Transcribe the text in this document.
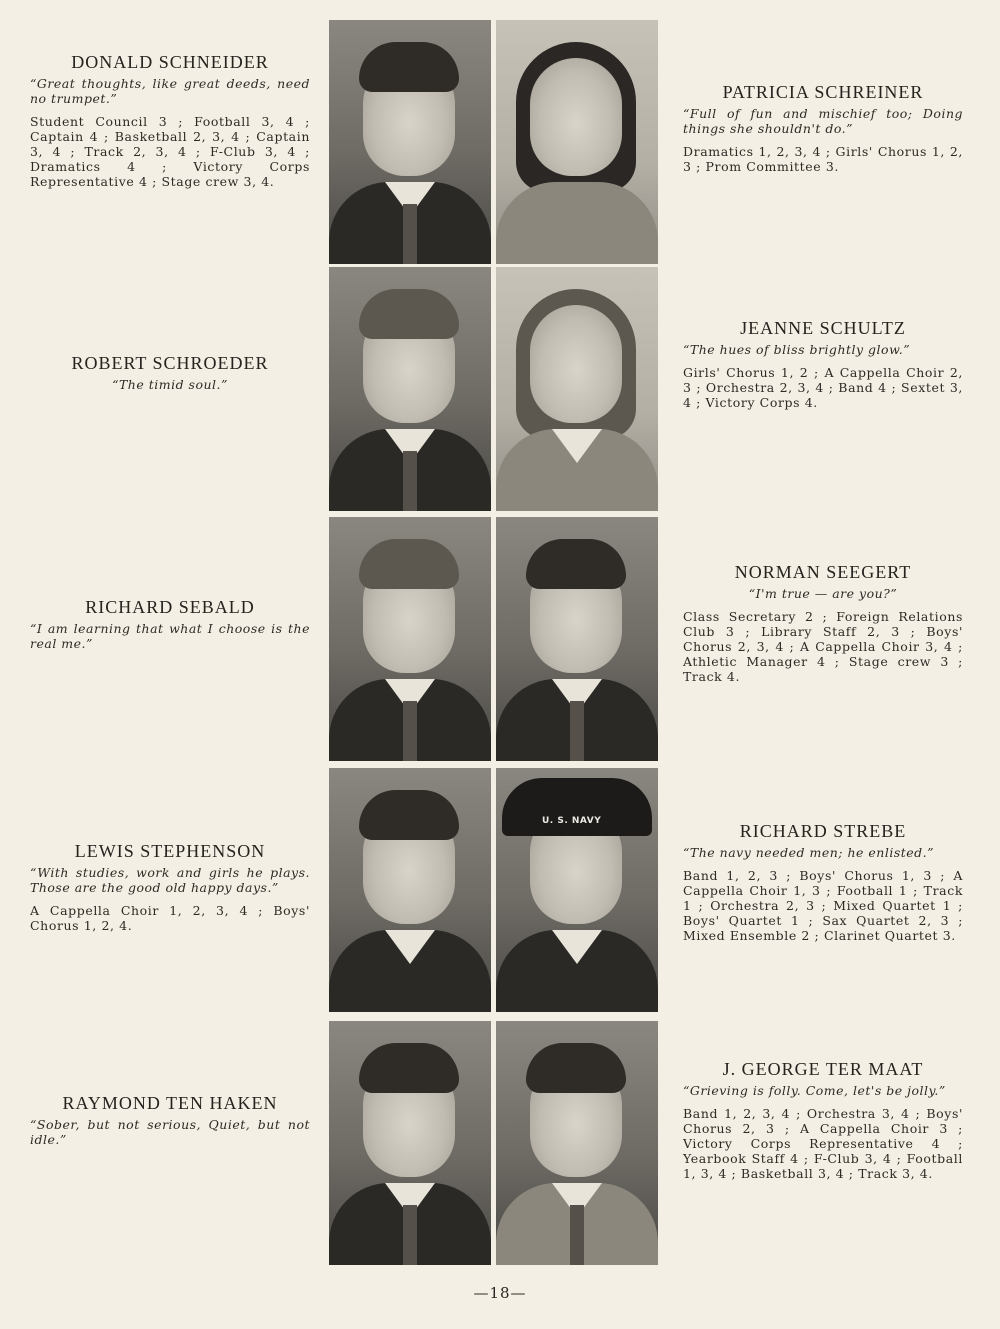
U. S. NAVY
DONALD SCHNEIDER
“Great thoughts, like great deeds, need no trumpet.”
Student Council 3 ; Football 3, 4 ; Captain 4 ; Basketball 2, 3, 4 ; Captain 3, 4 ; Track 2, 3, 4 ; F-Club 3, 4 ; Dramatics 4 ; Victory Corps Representative 4 ; Stage crew 3, 4.
ROBERT SCHROEDER
“The timid soul.”
RICHARD SEBALD
“I am learning that what I choose is the real me.”
LEWIS STEPHENSON
“With studies, work and girls he plays. Those are the good old happy days.”
A Cappella Choir 1, 2, 3, 4 ; Boys' Chorus 1, 2, 4.
RAYMOND TEN HAKEN
“Sober, but not serious, Quiet, but not idle.”
PATRICIA SCHREINER
“Full of fun and mischief too; Doing things she shouldn't do.”
Dramatics 1, 2, 3, 4 ; Girls' Chorus 1, 2, 3 ; Prom Committee 3.
JEANNE SCHULTZ
“The hues of bliss brightly glow.”
Girls' Chorus 1, 2 ; A Cappella Choir 2, 3 ; Orchestra 2, 3, 4 ; Band 4 ; Sextet 3, 4 ; Victory Corps 4.
NORMAN SEEGERT
“I'm true — are you?”
Class Secretary 2 ; Foreign Relations Club 3 ; Library Staff 2, 3 ; Boys' Chorus 2, 3, 4 ; A Cappella Choir 3, 4 ; Athletic Manager 4 ; Stage crew 3 ; Track 4.
RICHARD STREBE
“The navy needed men; he enlisted.”
Band 1, 2, 3 ; Boys' Chorus 1, 3 ; A Cappella Choir 1, 3 ; Football 1 ; Track 1 ; Orchestra 2, 3 ; Mixed Quartet 1 ; Boys' Quartet 1 ; Sax Quartet 2, 3 ; Mixed Ensemble 2 ; Clarinet Quartet 3.
J. GEORGE TER MAAT
“Grieving is folly. Come, let's be jolly.”
Band 1, 2, 3, 4 ; Orchestra 3, 4 ; Boys' Chorus 2, 3 ; A Cappella Choir 3 ; Victory Corps Representative 4 ; Yearbook Staff 4 ; F-Club 3, 4 ; Football 1, 3, 4 ; Basketball 3, 4 ; Track 3, 4.
—18—
